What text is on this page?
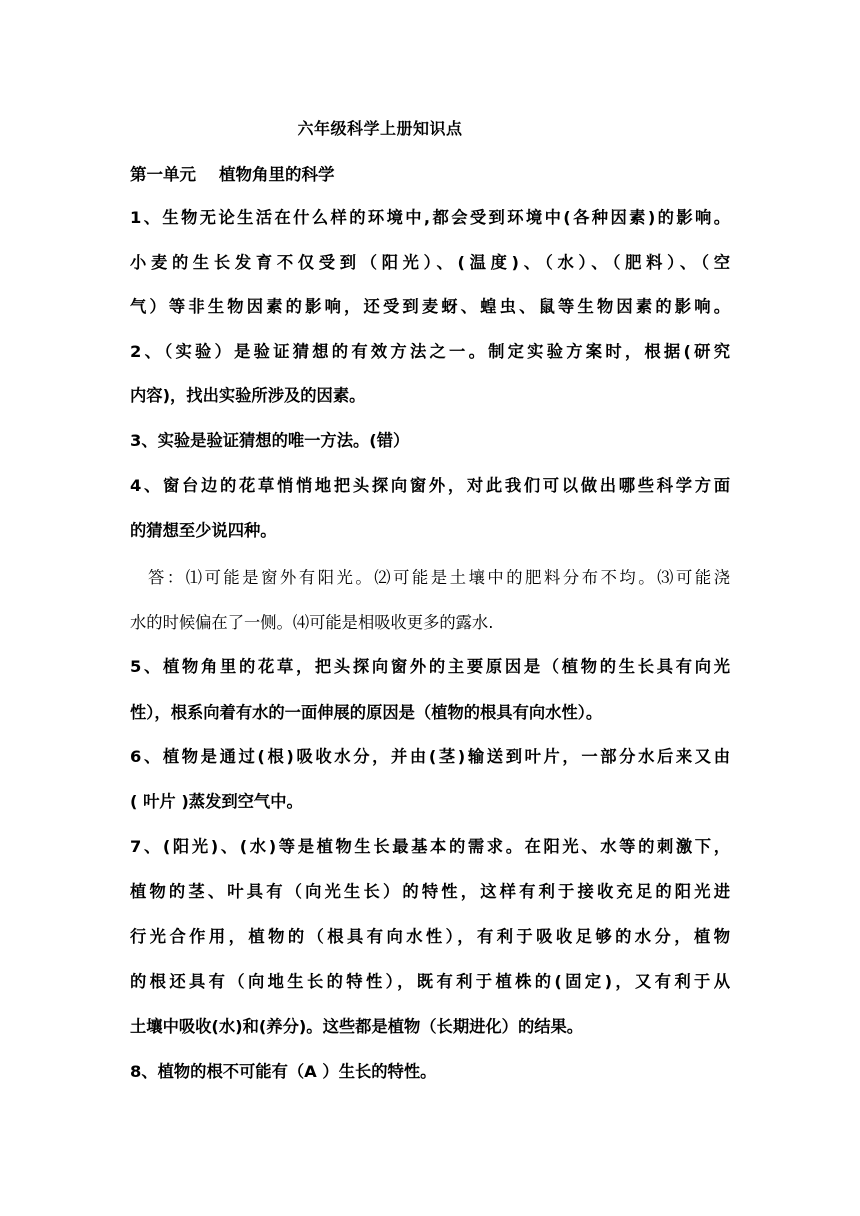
六年级科学上册知识点
第一单元    植物角里的科学
1、生物无论生活在什么样的环境中,都会受到环境中(各种因素)的影响。
小麦的生长发育不仅受到（阳光）、(温度)、（水）、（肥料）、（空
气）等非生物因素的影响，还受到麦蚜、蝗虫、鼠等生物因素的影响。
2、（实验）是验证猜想的有效方法之一。制定实验方案时，根据(研究
内容)，找出实验所涉及的因素。
3、实验是验证猜想的唯一方法。(错）
4、窗台边的花草悄悄地把头探向窗外，对此我们可以做出哪些科学方面
的猜想至少说四种。
答：⑴可能是窗外有阳光。⑵可能是土壤中的肥料分布不均。⑶可能浇
水的时候偏在了一侧。⑷可能是相吸收更多的露水.
5、植物角里的花草，把头探向窗外的主要原因是（植物的生长具有向光
性），根系向着有水的一面伸展的原因是（植物的根具有向水性）。
6、植物是通过(根)吸收水分，并由(茎)输送到叶片，一部分水后来又由
( 叶片 )蒸发到空气中。
7、(阳光)、(水)等是植物生长最基本的需求。在阳光、水等的刺激下，
植物的茎、叶具有（向光生长）的特性，这样有利于接收充足的阳光进
行光合作用，植物的（根具有向水性），有利于吸收足够的水分，植物
的根还具有（向地生长的特性），既有利于植株的(固定)，又有利于从
土壤中吸收(水)和(养分)。这些都是植物（长期进化）的结果。
8、植物的根不可能有（A ）生长的特性。
